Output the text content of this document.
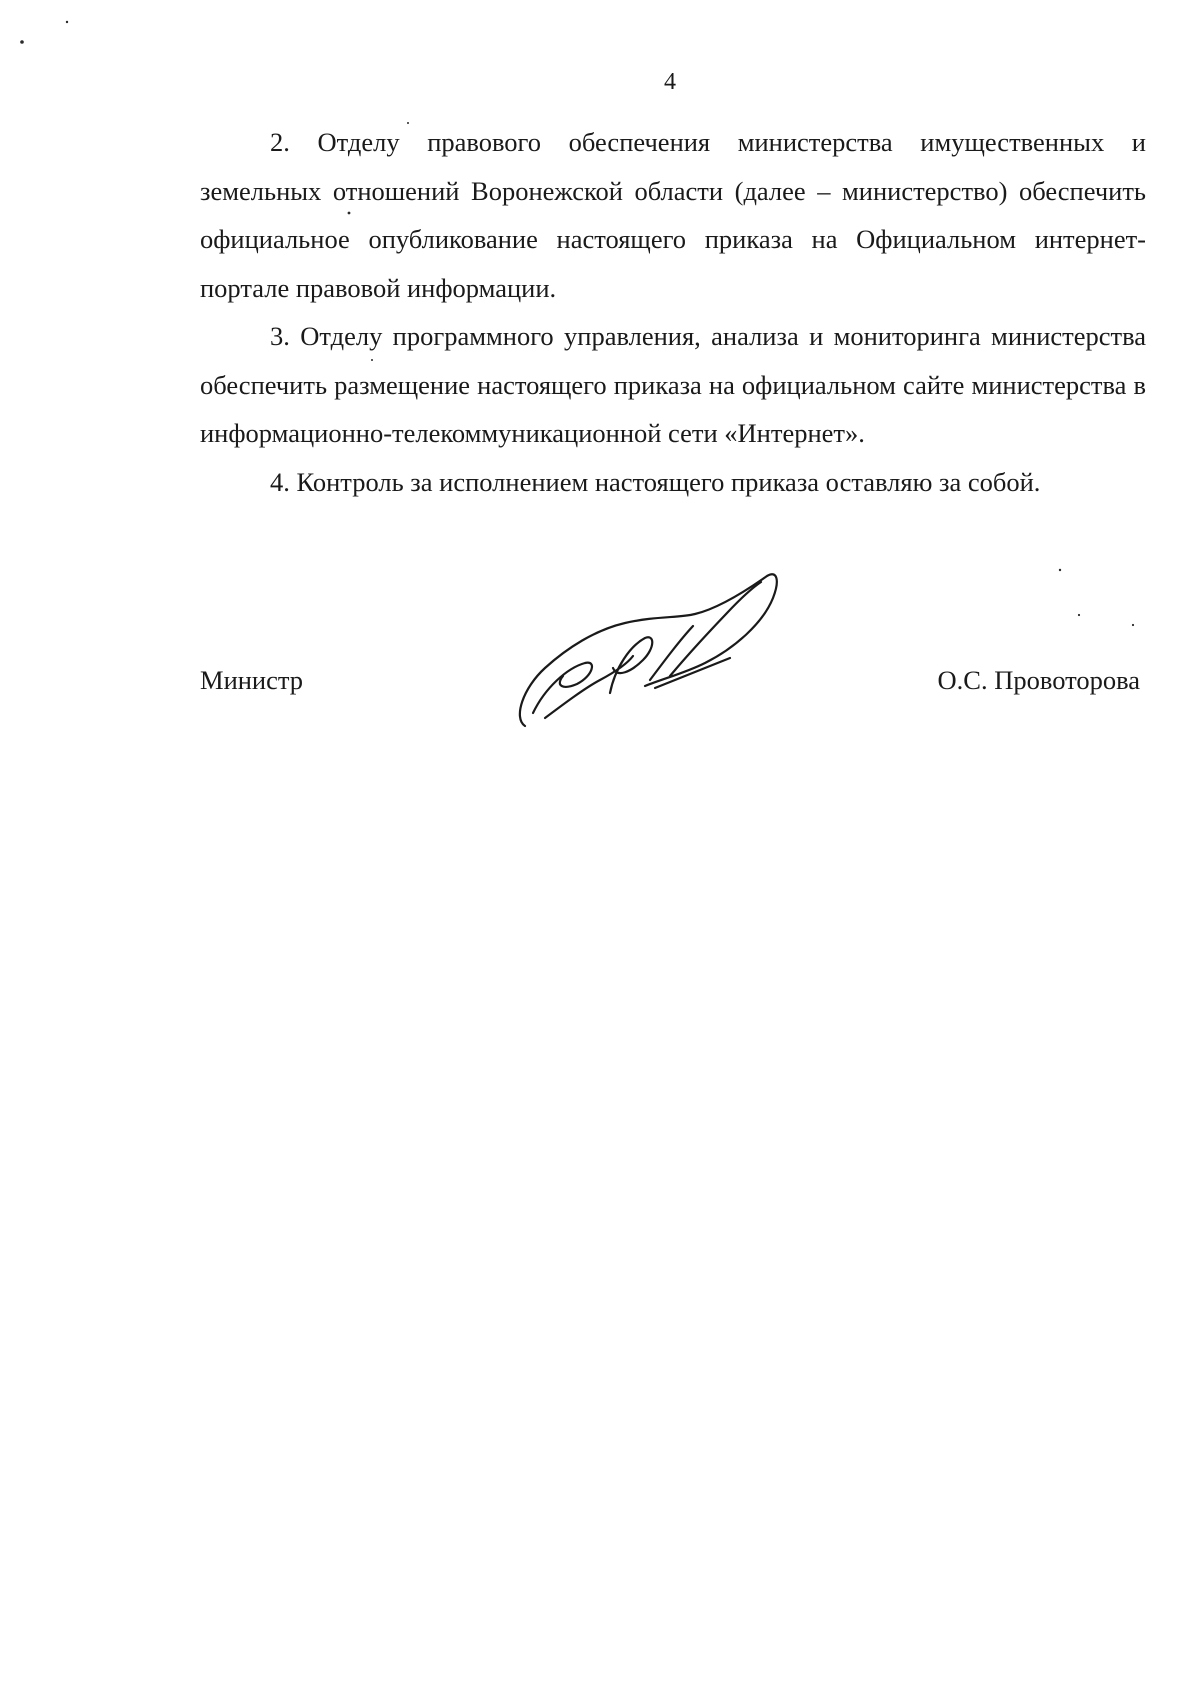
4

2. Отделу правового обеспечения министерства имущественных и земельных отношений Воронежской области (далее – министерство) обеспечить официальное опубликование настоящего приказа на Официальном интернет-портале правовой информации.

3. Отделу программного управления, анализа и мониторинга министерства обеспечить размещение настоящего приказа на официальном сайте министерства в информационно-телекоммуникационной сети «Интернет».

4. Контроль за исполнением настоящего приказа оставляю за собой.

Министр	О.С. Провоторова
